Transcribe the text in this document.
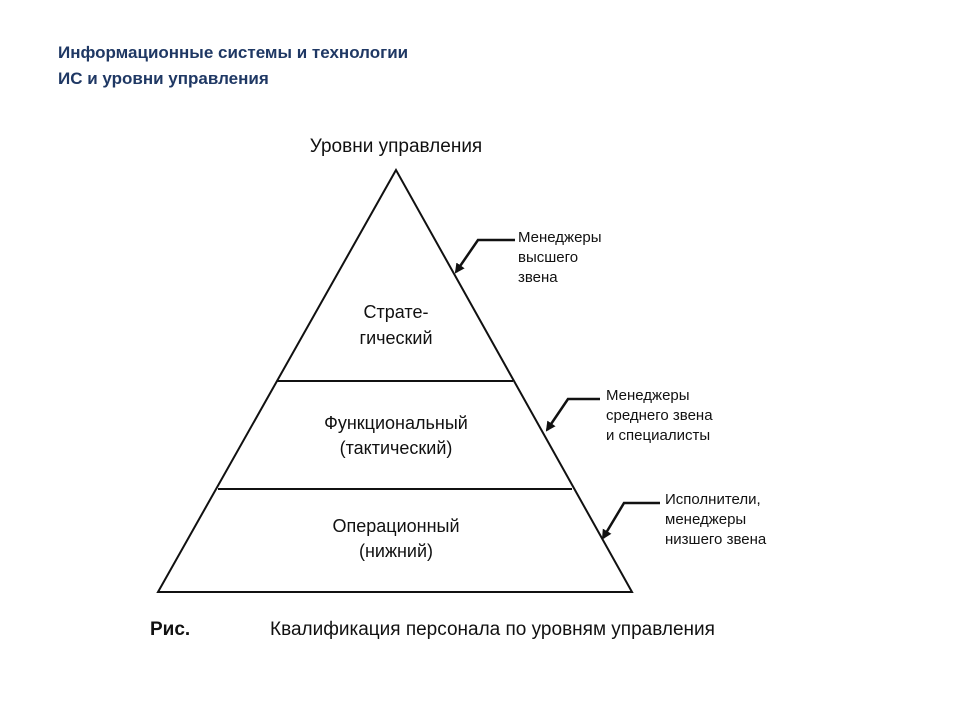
Информационные системы и технологии
ИС и уровни управления
Уровни управления
Страте-
гический
Функциональный
(тактический)
Операционный
(нижний)
Менеджеры
высшего
звена
Менеджеры
среднего звена
и специалисты
Исполнители,
менеджеры
низшего звена
Рис.	Квалификация персонала по уровням управления
